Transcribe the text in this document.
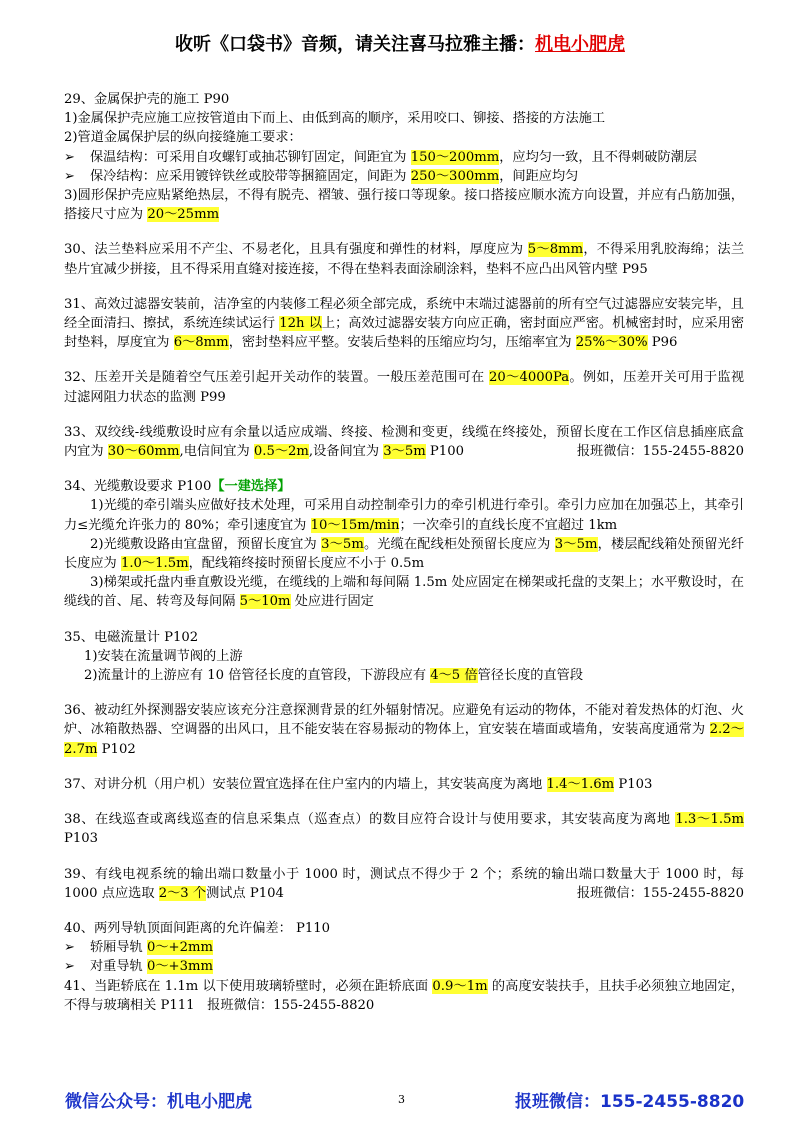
收听《口袋书》音频，请关注喜马拉雅主播：机电小肥虎
29、金属保护壳的施工 P90
1)金属保护壳应施工应按管道由下而上、由低到高的顺序，采用咬口、铆接、搭接的方法施工
2)管道金属保护层的纵向接缝施工要求：
➢ 保温结构：可采用自攻螺钉或抽芯铆钉固定，间距宜为 150～200mm，应均匀一致，且不得刺破防潮层
➢ 保冷结构：应采用镀锌铁丝或胶带等捆箍固定，间距为 250～300mm，间距应均匀
3)圆形保护壳应贴紧绝热层，不得有脱壳、褶皱、强行接口等现象。接口搭接应顺水流方向设置，并应有凸筋加强，搭接尺寸应为 20～25mm
30、法兰垫料应采用不产尘、不易老化，且具有强度和弹性的材料，厚度应为 5～8mm，不得采用乳胶海绵；法兰垫片宜减少拼接，且不得采用直缝对接连接，不得在垫料表面涂刷涂料，垫料不应凸出风管内壁 P95
31、高效过滤器安装前，洁净室的内装修工程必须全部完成，系统中末端过滤器前的所有空气过滤器应安装完毕，且经全面清扫、擦拭，系统连续试运行 12h 以上；高效过滤器安装方向应正确，密封面应严密。机械密封时，应采用密封垫料，厚度宜为 6～8mm，密封垫料应平整。安装后垫料的压缩应均匀，压缩率宜为 25%～30% P96
32、压差开关是随着空气压差引起开关动作的装置。一般压差范围可在 20～4000Pa。例如，压差开关可用于监视过滤网阻力状态的监测 P99
33、双绞线-线缆敷设时应有余量以适应成端、终接、检测和变更，线缆在终接处，预留长度在工作区信息插座底盒内宜为 30～60mm,电信间宜为 0.5～2m,设备间宜为 3～5m P100	报班微信：155-2455-8820
34、光缆敷设要求 P100【一建选择】
1)光缆的牵引端头应做好技术处理，可采用自动控制牵引力的牵引机进行牵引。牵引力应加在加强芯上，其牵引力≤光缆允许张力的 80%；牵引速度宜为 10～15m/min；一次牵引的直线长度不宜超过 1km
2)光缆敷设路由宜盘留，预留长度宜为 3～5m。光缆在配线柜处预留长度应为 3～5m，楼层配线箱处预留光纤长度应为 1.0～1.5m，配线箱终接时预留长度应不小于 0.5m
3)梯架或托盘内垂直敷设光缆，在缆线的上端和每间隔 1.5m 处应固定在梯架或托盘的支架上；水平敷设时，在缆线的首、尾、转弯及每间隔 5～10m 处应进行固定
35、电磁流量计 P102
1)安装在流量调节阀的上游
2)流量计的上游应有 10 倍管径长度的直管段，下游段应有 4～5 倍管径长度的直管段
36、被动红外探测器安装应该充分注意探测背景的红外辐射情况。应避免有运动的物体，不能对着发热体的灯泡、火炉、冰箱散热器、空调器的出风口，且不能安装在容易振动的物体上，宜安装在墙面或墙角，安装高度通常为 2.2～2.7m P102
37、对讲分机（用户机）安装位置宜选择在住户室内的内墙上，其安装高度为离地 1.4～1.6m P103
38、在线巡查或离线巡查的信息采集点（巡查点）的数目应符合设计与使用要求，其安装高度为离地 1.3～1.5m P103
39、有线电视系统的输出端口数量小于 1000 时，测试点不得少于 2 个；系统的输出端口数量大于 1000 时，每 1000 点应选取 2～3 个测试点 P104	报班微信：155-2455-8820
40、两列导轨顶面间距离的允许偏差： P110
➢ 轿厢导轨 0～+2mm
➢ 对重导轨 0～+3mm
41、当距轿底在 1.1m 以下使用玻璃轿壁时，必须在距轿底面 0.9～1m 的高度安装扶手，且扶手必须独立地固定，不得与玻璃相关 P111 报班微信：155-2455-8820
微信公众号：机电小肥虎	3	报班微信：155-2455-8820
